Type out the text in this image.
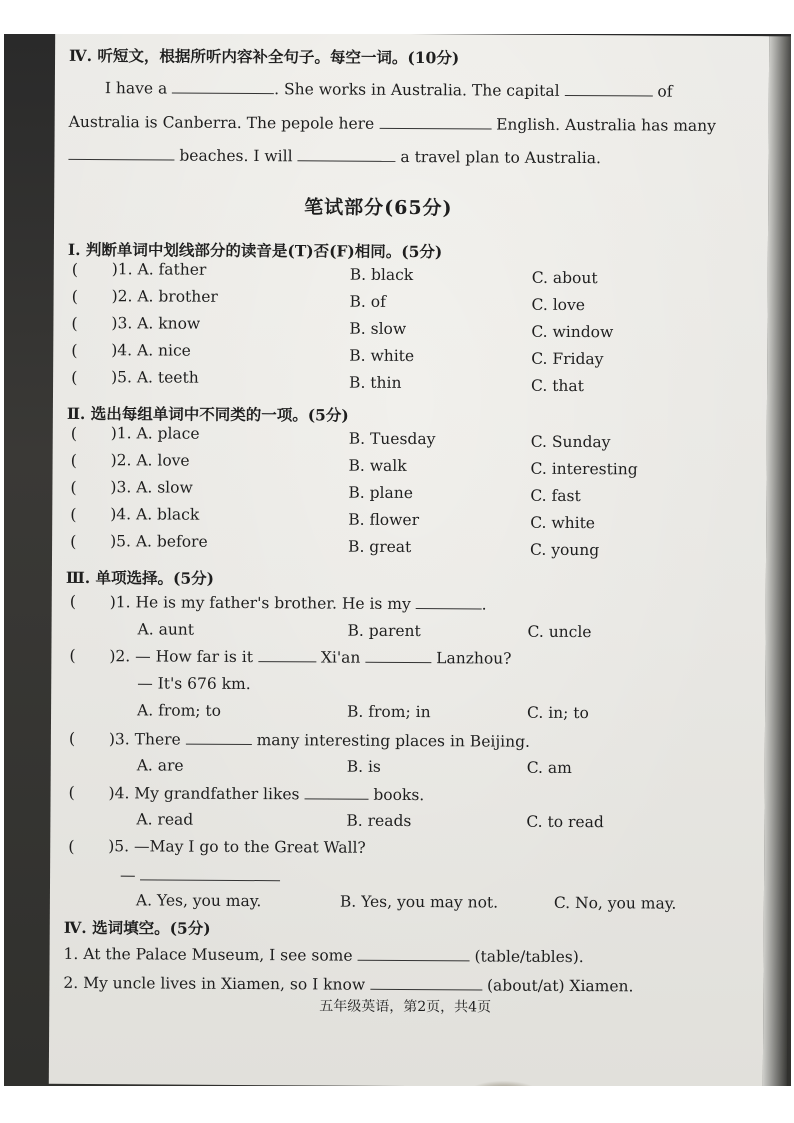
Ⅳ. 听短文，根据所听内容补全句子。每空一词。(10分)
I have a	. She works in Australia. The capital	of
Australia is Canberra. The pepole here	English. Australia has many
beaches. I will	a travel plan to Australia.
笔试部分(65分)
Ⅰ. 判断单词中划线部分的读音是(T)否(F)相同。(5分)
( )1. A. father	B. black	C. about
( )2. A. brother	B. of	C. love
( )3. A. know	B. slow	C. window
( )4. A. nice	B. white	C. Friday
( )5. A. teeth	B. thin	C. that
Ⅱ. 选出每组单词中不同类的一项。(5分)
( )1. A. place	B. Tuesday	C. Sunday
( )2. A. love	B. walk	C. interesting
( )3. A. slow	B. plane	C. fast
( )4. A. black	B. flower	C. white
( )5. A. before	B. great	C. young
Ⅲ. 单项选择。(5分)
( )1. He is my father's brother. He is my	.
A. aunt	B. parent	C. uncle
( )2. — How far is it	Xi'an	Lanzhou?
— It's 676 km.
A. from; to	B. from; in	C. in; to
( )3. There	many interesting places in Beijing.
A. are	B. is	C. am
( )4. My grandfather likes	books.
A. read	B. reads	C. to read
( )5. —May I go to the Great Wall?
—
A. Yes, you may.	B. Yes, you may not.	C. No, you may.
Ⅳ. 选词填空。(5分)
1. At the Palace Museum, I see some	(table/tables).
2. My uncle lives in Xiamen, so I know	(about/at) Xiamen.
五年级英语，第2页，共4页
